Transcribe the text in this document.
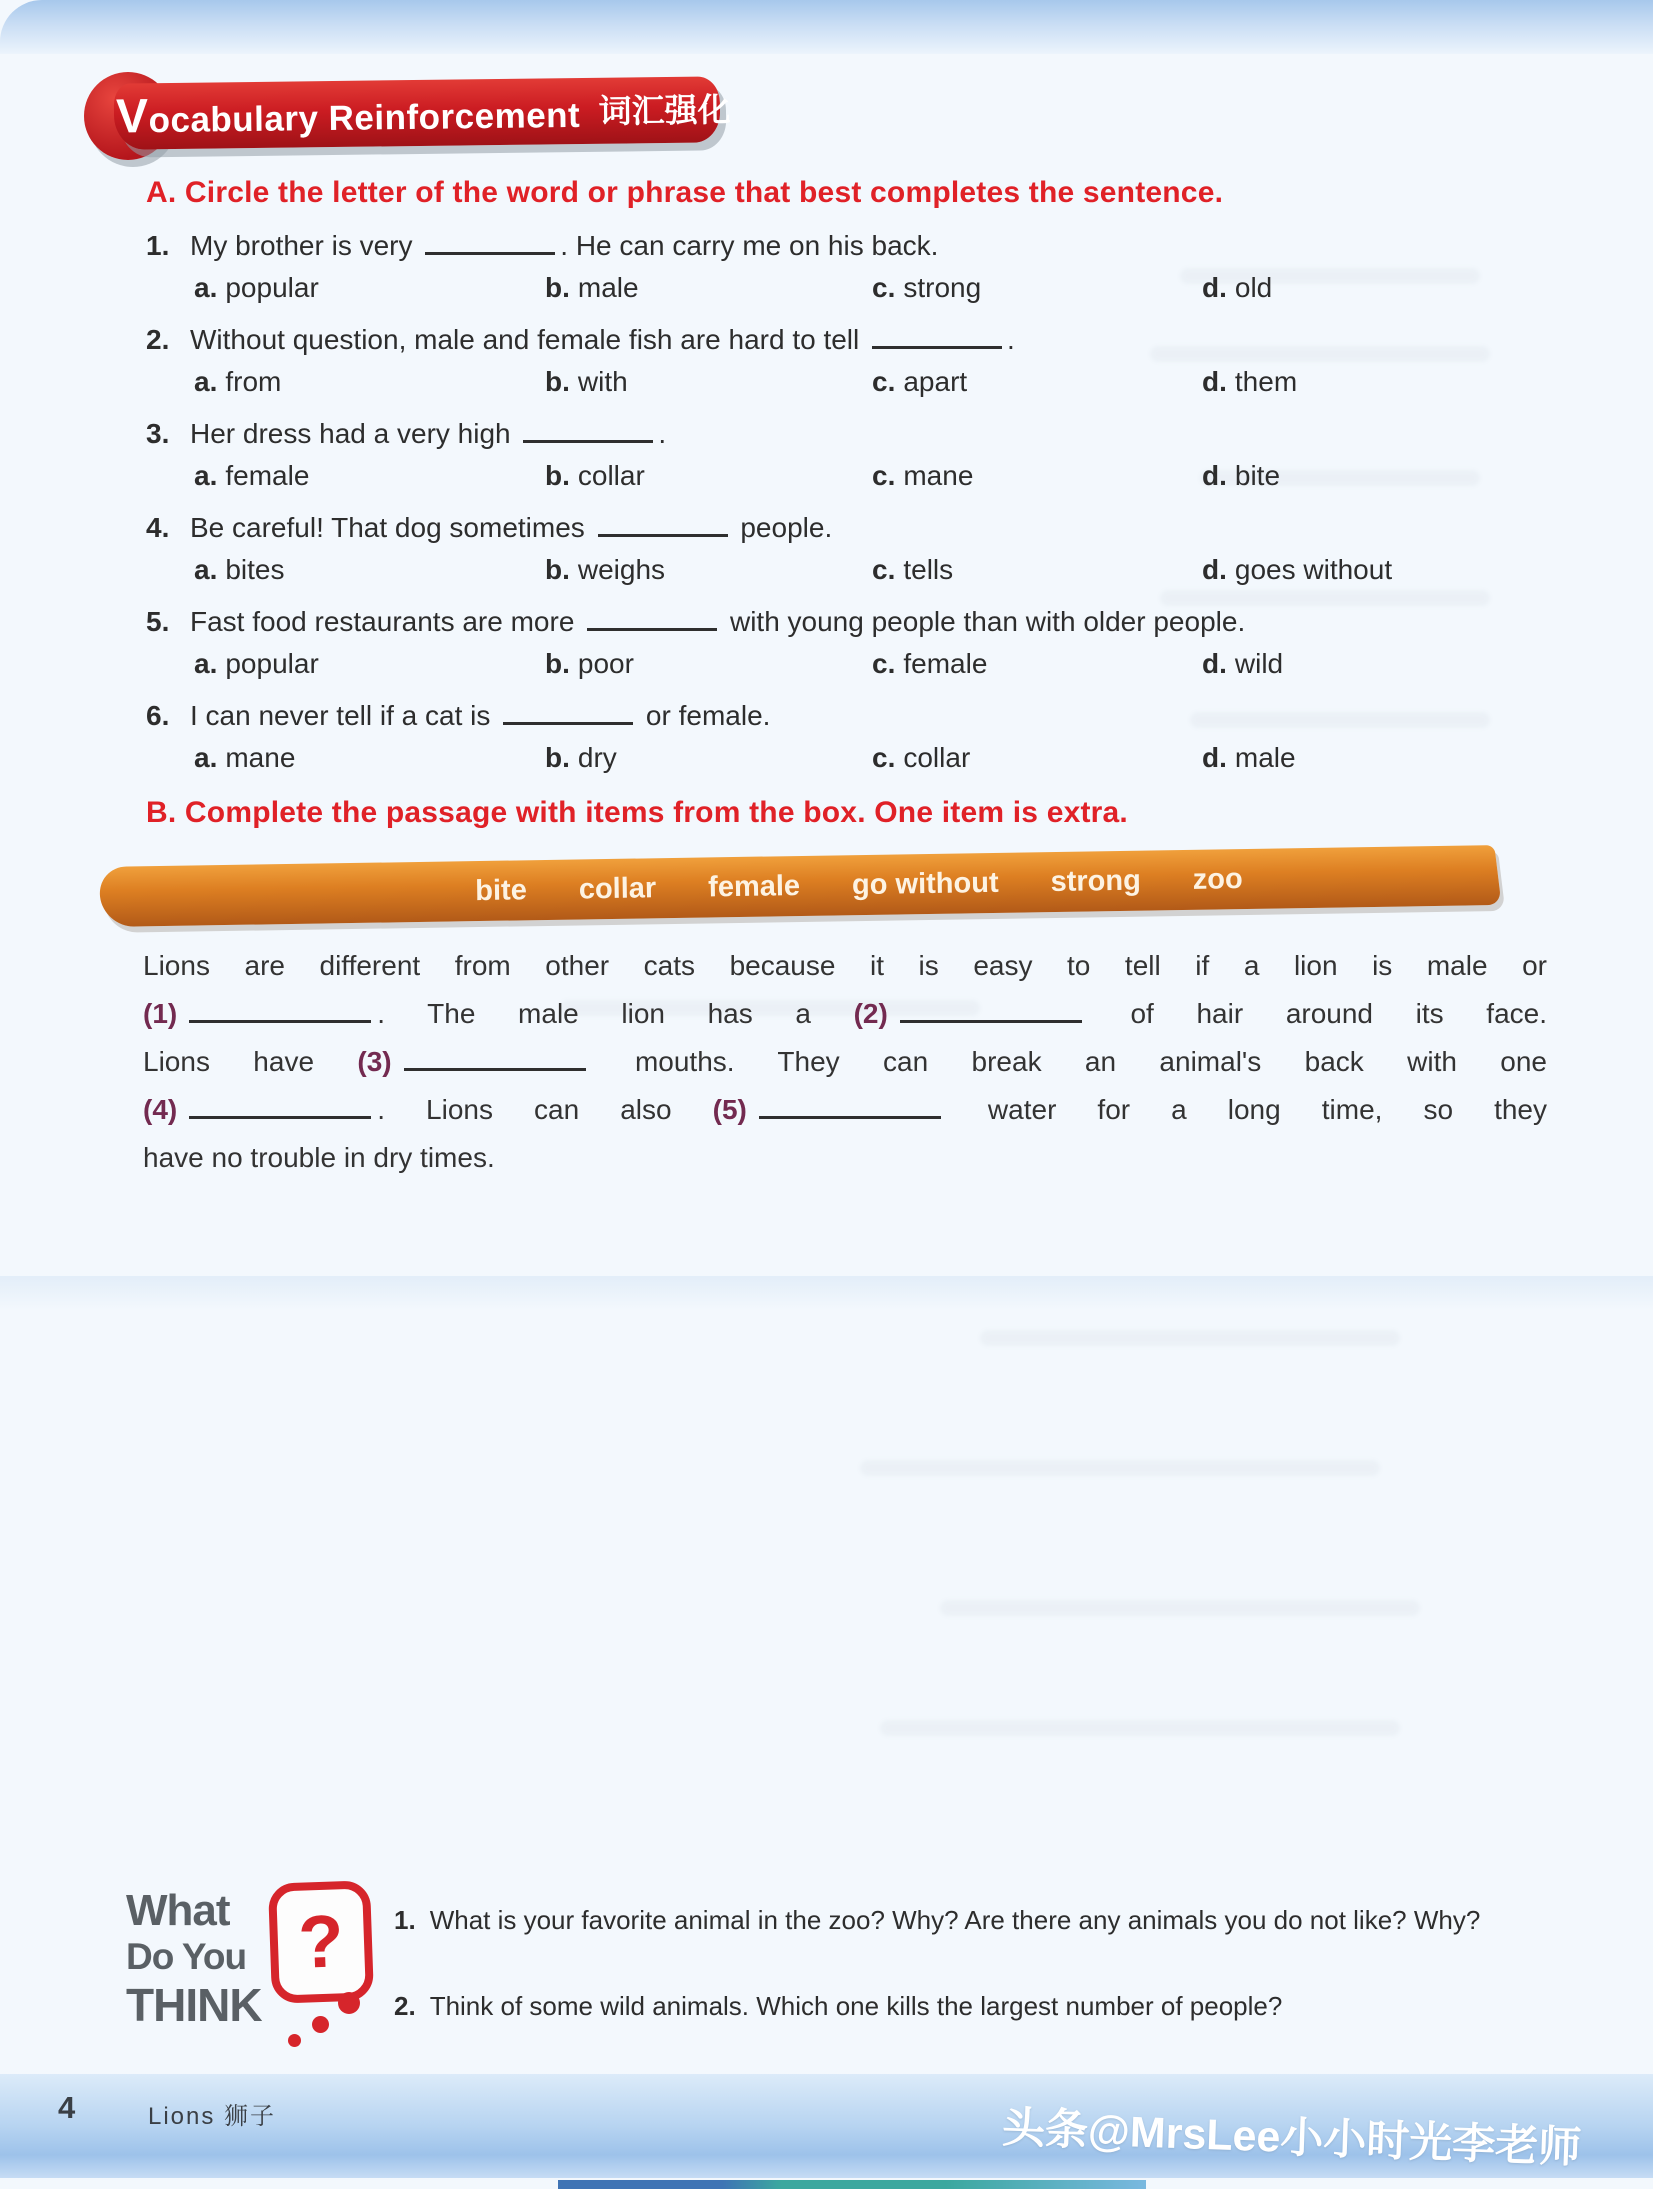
Vocabulary Reinforcement 词汇强化
A. Circle the letter of the word or phrase that best completes the sentence.
1. My brother is very	. He can carry me on his back.
a. popular	b. male	c. strong	d. old
2. Without question, male and female fish are hard to tell	.
a. from	b. with	c. apart	d. them
3. Her dress had a very high	.
a. female	b. collar	c. mane	d. bite
4. Be careful! That dog sometimes	people.
a. bites	b. weighs	c. tells	d. goes without
5. Fast food restaurants are more	with young people than with older people.
a. popular	b. poor	c. female	d. wild
6. I can never tell if a cat is	or female.
a. mane	b. dry	c. collar	d. male
B. Complete the passage with items from the box. One item is extra.
bite collar female go without strong zoo
Lions are different from other cats because it is easy to tell if a lion is male or
(1)	. The male lion has a (2)	of hair around its face.
Lions have (3)	mouths. They can break an animal's back with one
(4)	. Lions can also (5)	water for a long time, so they
have no trouble in dry times.
What
Do You
THINK
? 1. What is your favorite animal in the zoo? Why? Are there any animals you do not like? Why?
2. Think of some wild animals. Which one kills the largest number of people?
4	Lions 狮子	头条@MrsLee小小时光李老师
